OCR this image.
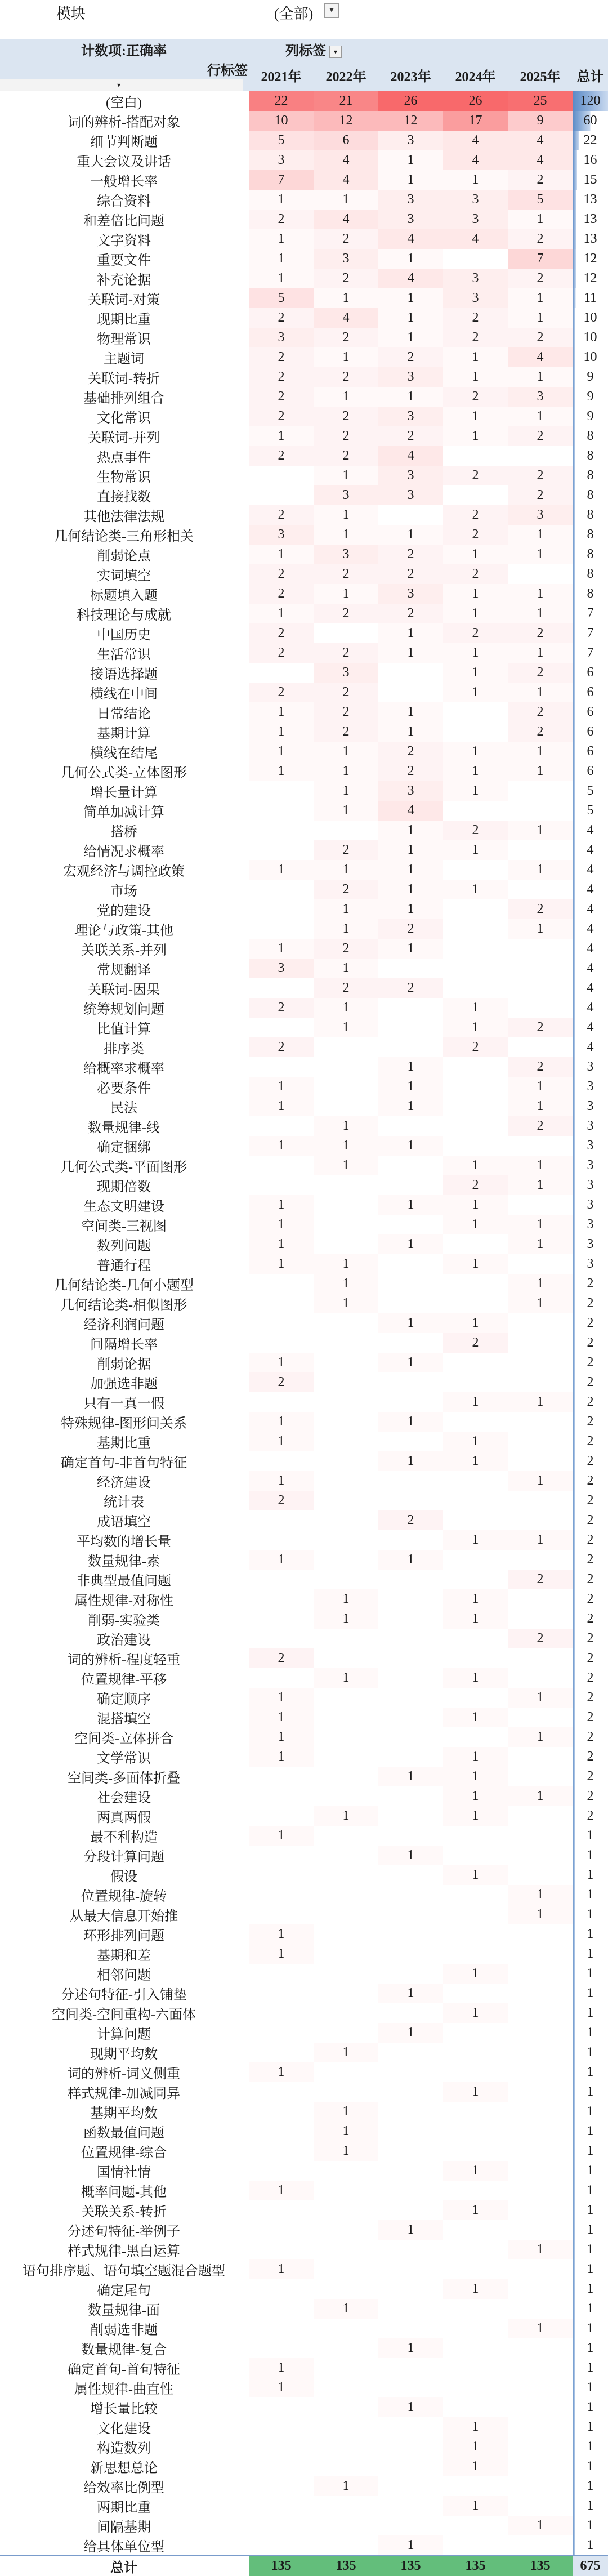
模块	(全部)	▾
计数项:正确率	列标签 ▾					
行标签
▾	2021年	2022年	2023年	2024年	2025年	总计
(空白)	22	21	26	26	25	120
词的辨析-搭配对象	10	12	12	17	9	60
细节判断题	5	6	3	4	4	22
重大会议及讲话	3	4	1	4	4	16
一般增长率	7	4	1	1	2	15
综合资料	1	1	3	3	5	13
和差倍比问题	2	4	3	3	1	13
文字资料	1	2	4	4	2	13
重要文件	1	3	1		7	12
补充论据	1	2	4	3	2	12
关联词-对策	5	1	1	3	1	11
现期比重	2	4	1	2	1	10
物理常识	3	2	1	2	2	10
主题词	2	1	2	1	4	10
关联词-转折	2	2	3	1	1	9
基础排列组合	2	1	1	2	3	9
文化常识	2	2	3	1	1	9
关联词-并列	1	2	2	1	2	8
热点事件	2	2	4			8
生物常识		1	3	2	2	8
直接找数		3	3		2	8
其他法律法规	2	1		2	3	8
几何结论类-三角形相关	3	1	1	2	1	8
削弱论点	1	3	2	1	1	8
实词填空	2	2	2	2		8
标题填入题	2	1	3	1	1	8
科技理论与成就	1	2	2	1	1	7
中国历史	2		1	2	2	7
生活常识	2	2	1	1	1	7
接语选择题		3		1	2	6
横线在中间	2	2		1	1	6
日常结论	1	2	1		2	6
基期计算	1	2	1		2	6
横线在结尾	1	1	2	1	1	6
几何公式类-立体图形	1	1	2	1	1	6
增长量计算		1	3	1		5
简单加减计算		1	4			5
搭桥			1	2	1	4
给情况求概率		2	1	1		4
宏观经济与调控政策	1	1	1		1	4
市场		2	1	1		4
党的建设		1	1		2	4
理论与政策-其他		1	2		1	4
关联关系-并列	1	2	1			4
常规翻译	3	1				4
关联词-因果		2	2			4
统筹规划问题	2	1		1		4
比值计算		1		1	2	4
排序类	2			2		4
给概率求概率			1		2	3
必要条件	1		1		1	3
民法	1		1		1	3
数量规律-线		1			2	3
确定捆绑	1	1	1			3
几何公式类-平面图形		1		1	1	3
现期倍数				2	1	3
生态文明建设	1		1	1		3
空间类-三视图	1			1	1	3
数列问题	1		1		1	3
普通行程	1	1		1		3
几何结论类-几何小题型		1			1	2
几何结论类-相似图形		1			1	2
经济利润问题			1	1		2
间隔增长率				2		2
削弱论据	1		1			2
加强选非题	2					2
只有一真一假				1	1	2
特殊规律-图形间关系	1		1			2
基期比重	1			1		2
确定首句-非首句特征			1	1		2
经济建设	1				1	2
统计表	2					2
成语填空			2			2
平均数的增长量				1	1	2
数量规律-素	1		1			2
非典型最值问题					2	2
属性规律-对称性		1		1		2
削弱-实验类		1		1		2
政治建设					2	2
词的辨析-程度轻重	2					2
位置规律-平移		1		1		2
确定顺序	1				1	2
混搭填空	1			1		2
空间类-立体拼合	1				1	2
文学常识	1			1		2
空间类-多面体折叠			1	1		2
社会建设				1	1	2
两真两假		1		1		2
最不利构造	1					1
分段计算问题			1			1
假设				1		1
位置规律-旋转					1	1
从最大信息开始推					1	1
环形排列问题	1					1
基期和差	1					1
相邻问题				1		1
分述句特征-引入铺垫			1			1
空间类-空间重构-六面体				1		1
计算问题			1			1
现期平均数		1				1
词的辨析-词义侧重	1					1
样式规律-加减同异				1		1
基期平均数		1				1
函数最值问题		1				1
位置规律-综合		1				1
国情社情				1		1
概率问题-其他	1					1
关联关系-转折				1		1
分述句特征-举例子			1			1
样式规律-黑白运算					1	1
语句排序题、语句填空题混合题型	1					1
确定尾句				1		1
数量规律-面		1				1
削弱选非题					1	1
数量规律-复合			1			1
确定首句-首句特征	1					1
属性规律-曲直性	1					1
增长量比较			1			1
文化建设				1		1
构造数列				1		1
新思想总论				1		1
给效率比例型		1				1
两期比重				1		1
间隔基期					1	1
给具体单位型			1			1
总计	135	135	135	135	135	675
